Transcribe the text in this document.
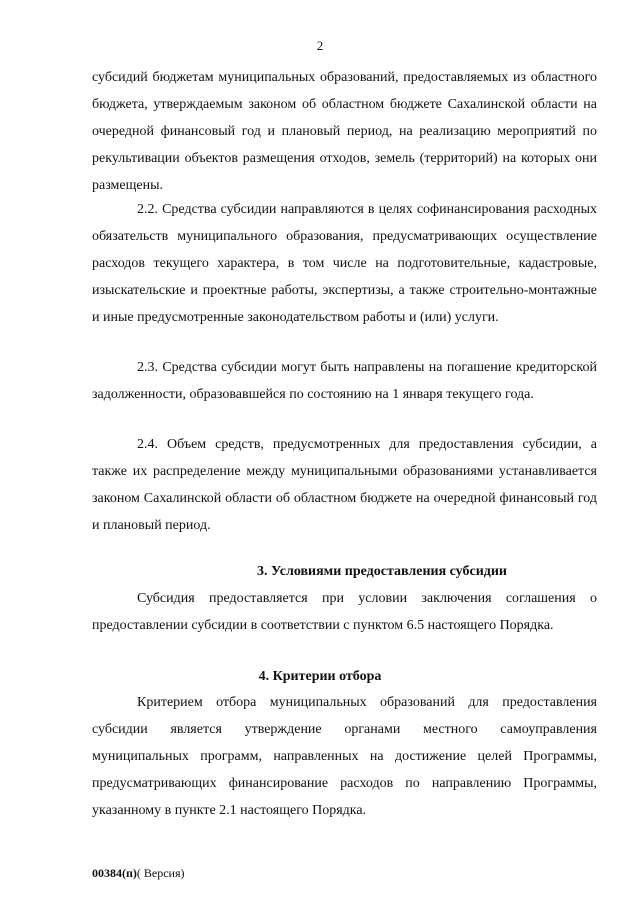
2

субсидий бюджетам муниципальных образований, предоставляемых из областного бюджета, утверждаемым законом об областном бюджете Сахалинской области на очередной финансовый год и плановый период, на реализацию мероприятий по рекультивации объектов размещения отходов, земель (территорий) на которых они размещены.

2.2. Средства субсидии направляются в целях софинансирования расходных обязательств муниципального образования, предусматривающих осуществление расходов текущего характера, в том числе на подготовительные, кадастровые, изыскательские и проектные работы, экспертизы, а также строительно-монтажные и иные предусмотренные законодательством работы и (или) услуги.

2.3. Средства субсидии могут быть направлены на погашение кредиторской задолженности, образовавшейся по состоянию на 1 января текущего года.

2.4. Объем средств, предусмотренных для предоставления субсидии, а также их распределение между муниципальными образованиями устанавливается законом Сахалинской области об областном бюджете на очередной финансовый год и плановый период.

3. Условиями предоставления субсидии

Субсидия предоставляется при условии заключения соглашения о предоставлении субсидии в соответствии с пунктом 6.5 настоящего Порядка.

4. Критерии отбора

Критерием отбора муниципальных образований для предоставления субсидии является утверждение органами местного самоуправления муниципальных программ, направленных на достижение целей Программы, предусматривающих финансирование расходов по направлению Программы, указанному в пункте 2.1 настоящего Порядка.

00384(п)( Версия)
